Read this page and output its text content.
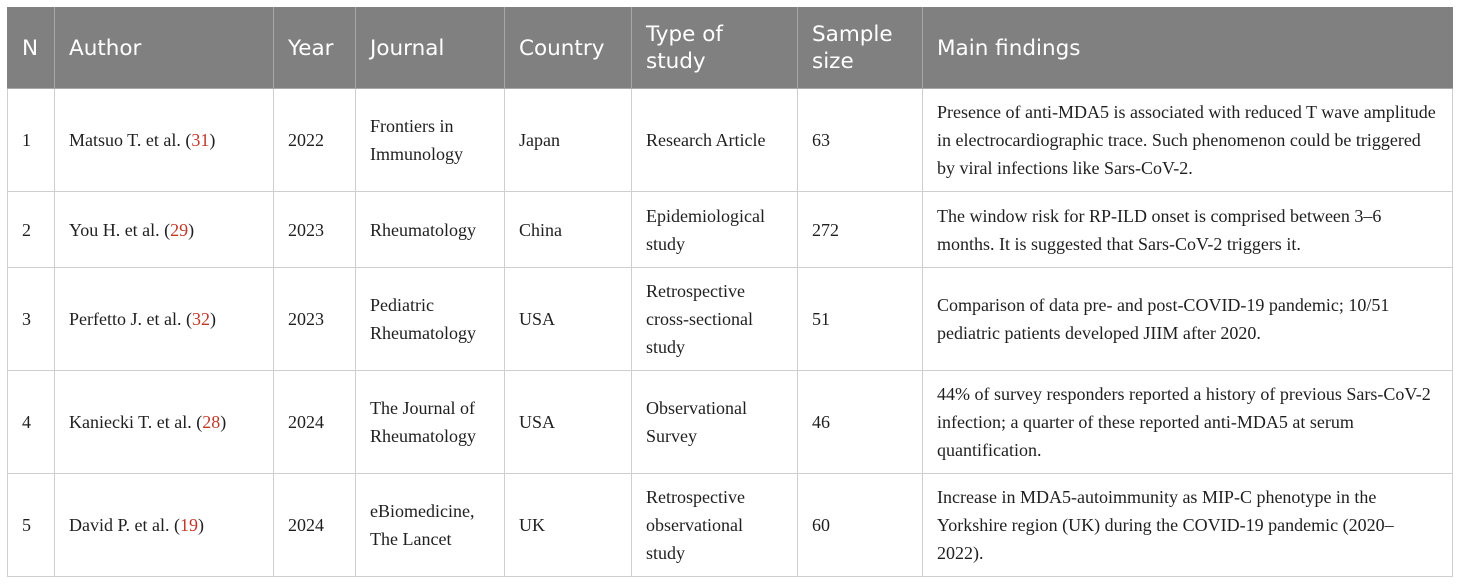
N	Author	Year	Journal	Country	Type of study	Sample size	Main findings
1	Matsuo T. et al. (31)	2022	Frontiers in Immunology	Japan	Research Article	63	Presence of anti-MDA5 is associated with reduced T wave amplitude in electrocardiographic trace. Such phenomenon could be triggered by viral infections like Sars-CoV-2.
2	You H. et al. (29)	2023	Rheumatology	China	Epidemiological study	272	The window risk for RP-ILD onset is comprised between 3–6 months. It is suggested that Sars-CoV-2 triggers it.
3	Perfetto J. et al. (32)	2023	Pediatric Rheumatology	USA	Retrospective cross-sectional study	51	Comparison of data pre- and post-COVID-19 pandemic; 10/51 pediatric patients developed JIIM after 2020.
4	Kaniecki T. et al. (28)	2024	The Journal of Rheumatology	USA	Observational Survey	46	44% of survey responders reported a history of previous Sars-CoV-2 infection; a quarter of these reported anti-MDA5 at serum quantification.
5	David P. et al. (19)	2024	eBiomedicine, The Lancet	UK	Retrospective observational study	60	Increase in MDA5-autoimmunity as MIP-C phenotype in the Yorkshire region (UK) during the COVID-19 pandemic (2020–2022).
